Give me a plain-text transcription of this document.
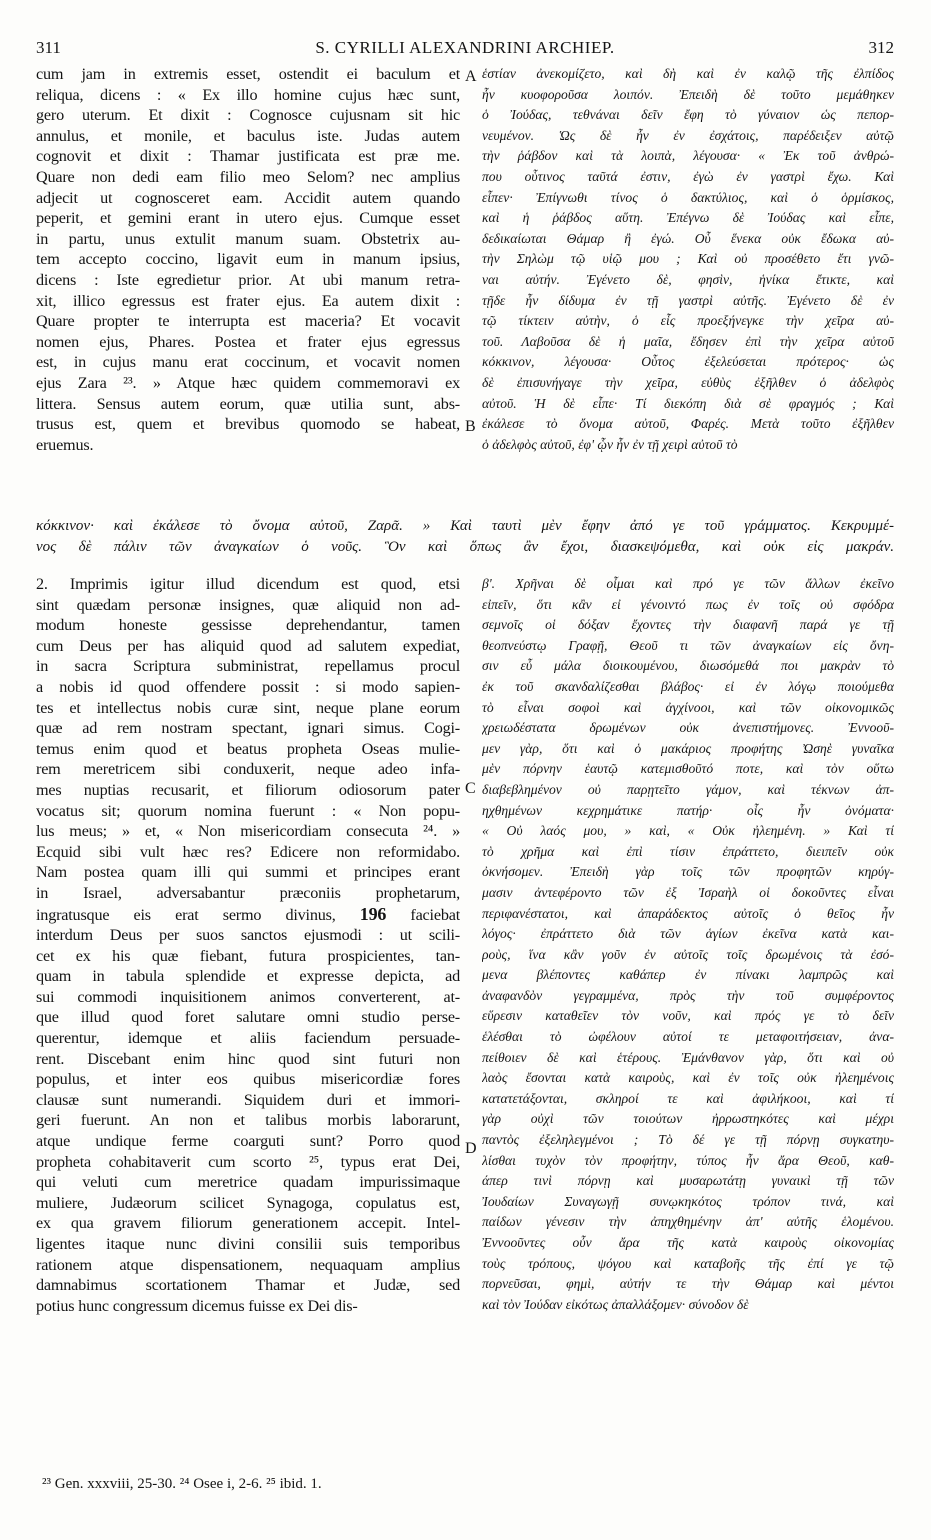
311	S. CYRILLI ALEXANDRINI ARCHIEP.	312

cum jam in extremis esset, ostendit ei baculum et

reliqua, dicens : « Ex illo homine cujus hæc sunt,

gero uterum. Et dixit : Cognosce cujusnam sit hic

annulus, et monile, et baculus iste. Judas autem

cognovit et dixit : Thamar justificata est præ me.

Quare non dedi eam filio meo Selom? nec amplius

adjecit ut cognosceret eam. Accidit autem quando

peperit, et gemini erant in utero ejus. Cumque esset

in partu, unus extulit manum suam. Obstetrix au-

tem accepto coccino, ligavit eum in manum ipsius,

dicens : Iste egredietur prior. At ubi manum retra-

xit, illico egressus est frater ejus. Ea autem dixit :

Quare propter te interrupta est maceria? Et vocavit

nomen ejus, Phares. Postea et frater ejus egressus

est, in cujus manu erat coccinum, et vocavit nomen

ejus Zara ²³. » Atque hæc quidem commemoravi ex

littera. Sensus autem eorum, quæ utilia sunt, abs-

trusus est, quem et brevibus quomodo se habeat,

eruemus.

ἑστίαν ἀνεκομίζετο, καὶ δὴ καὶ ἐν καλῷ τῆς ἐλπίδος

ἦν κυοφοροῦσα λοιπόν. Ἐπειδὴ δὲ τοῦτο μεμάθηκεν

ὁ Ἰούδας, τεθνάναι δεῖν ἔφη τὸ γύναιον ὡς πεπορ-

νευμένον. Ὡς δὲ ἦν ἐν ἐσχάτοις, παρέδειξεν αὐτῷ

τὴν ῥάβδον καὶ τὰ λοιπὰ, λέγουσα· « Ἐκ τοῦ ἀνθρώ-

που οὗτινος ταῦτά ἐστιν, ἐγὼ ἐν γαστρὶ ἔχω. Καὶ

εἶπεν· Ἐπίγνωθι τίνος ὁ δακτύλιος, καὶ ὁ ὁρμίσκος,

καὶ ἡ ῥάβδος αὕτη. Ἐπέγνω δὲ Ἰούδας καὶ εἶπε,

δεδικαίωται Θάμαρ ἢ ἐγώ. Οὗ ἕνεκα οὐκ ἔδωκα αὐ-

τὴν Σηλὼμ τῷ υἱῷ μου ; Καὶ οὐ προσέθετο ἔτι γνῶ-

ναι αὐτήν. Ἐγένετο δὲ, φησὶν, ἡνίκα ἔτικτε, καὶ

τῇδε ἦν δίδυμα ἐν τῇ γαστρὶ αὐτῆς. Ἐγένετο δὲ ἐν

τῷ τίκτειν αὐτὴν, ὁ εἷς προεξήνεγκε τὴν χεῖρα αὐ-

τοῦ. Λαβοῦσα δὲ ἡ μαῖα, ἔδησεν ἐπὶ τὴν χεῖρα αὐτοῦ

κόκκινον, λέγουσα· Οὗτος ἐξελεύσεται πρότερος· ὡς

δὲ ἐπισυνήγαγε τὴν χεῖρα, εὐθὺς ἐξῆλθεν ὁ ἀδελφὸς

αὐτοῦ. Ἡ δὲ εἶπε· Τί διεκόπη διὰ σὲ φραγμός ; Καὶ

ἐκάλεσε τὸ ὄνομα αὐτοῦ, Φαρές. Μετὰ τοῦτο ἐξῆλθεν

ὁ ἀδελφὸς αὐτοῦ, ἐφ' ᾧν ἦν ἐν τῇ χειρὶ αὐτοῦ τὸ

κόκκινον· καὶ ἐκάλεσε τὸ ὄνομα αὐτοῦ, Ζαρᾶ. » Καὶ ταυτὶ μὲν ἔφην ἀπό γε τοῦ γράμματος. Κεκρυμμέ-

νος δὲ πάλιν τῶν ἀναγκαίων ὁ νοῦς. Ὃν καὶ ὅπως ἂν ἔχοι, διασκεψόμεθα, καὶ οὐκ εἰς μακράν.

2. Imprimis igitur illud dicendum est quod, etsi

sint quædam personæ insignes, quæ aliquid non ad-

modum honeste gessisse deprehendantur, tamen

cum Deus per has aliquid quod ad salutem expediat,

in sacra Scriptura subministrat, repellamus procul

a nobis id quod offendere possit : si modo sapien-

tes et intellectus nobis curæ sint, neque plane eorum

quæ ad rem nostram spectant, ignari simus. Cogi-

temus enim quod et beatus propheta Oseas mulie-

rem meretricem sibi conduxerit, neque adeo infa-

mes nuptias recusarit, et filiorum odiosorum pater

vocatus sit; quorum nomina fuerunt : « Non popu-

lus meus; » et, « Non misericordiam consecuta ²⁴. »

Ecquid sibi vult hæc res? Edicere non reformidabo.

Nam postea quam illi qui summi et principes erant

in Israel, adversabantur præconiis prophetarum,

ingratusque eis erat sermo divinus, 196 faciebat

interdum Deus per suos sanctos ejusmodi : ut scili-

cet ex his quæ fiebant, futura prospicientes, tan-

quam in tabula splendide et expresse depicta, ad

sui commodi inquisitionem animos converterent, at-

que illud quod foret salutare omni studio perse-

querentur, idemque et aliis faciendum persuade-

rent. Discebant enim hinc quod sint futuri non

populus, et inter eos quibus misericordiæ fores

clausæ sunt numerandi. Siquidem duri et immori-

geri fuerunt. An non et talibus morbis laborarunt,

atque undique ferme coarguti sunt? Porro quod

propheta cohabitaverit cum scorto ²⁵, typus erat Dei,

qui veluti cum meretrice quadam impurissimaque

muliere, Judæorum scilicet Synagoga, copulatus est,

ex qua gravem filiorum generationem accepit. Intel-

ligentes itaque nunc divini consilii suis temporibus

rationem atque dispensationem, nequaquam amplius

damnabimus scortationem Thamar et Judæ, sed

potius hunc congressum dicemus fuisse ex Dei dis-

β'. Χρῆναι δὲ οἶμαι καὶ πρό γε τῶν ἄλλων ἐκεῖνο

εἰπεῖν, ὅτι κἂν εἰ γένοιντό πως ἐν τοῖς οὐ σφόδρα

σεμνοῖς οἱ δόξαν ἔχοντες τὴν διαφανῆ παρά γε τῇ

θεοπνεύστῳ Γραφῇ, Θεοῦ τι τῶν ἀναγκαίων εἰς ὄνη-

σιν εὖ μάλα διοικουμένου, διωσόμεθά ποι μακρὰν τὸ

ἐκ τοῦ σκανδαλίζεσθαι βλάβος· εἰ ἐν λόγῳ ποιούμεθα

τὸ εἶναι σοφοὶ καὶ ἀγχίνοοι, καὶ τῶν οἰκονομικῶς

χρειωδέστατα δρωμένων οὐκ ἀνεπιστήμονες. Ἐννοοῦ-

μεν γὰρ, ὅτι καὶ ὁ μακάριος προφήτης Ὠσηὲ γυναῖκα

μὲν πόρνην ἑαυτῷ κατεμισθοῦτό ποτε, καὶ τὸν οὕτω

διαβεβλημένον οὐ παρῃτεῖτο γάμον, καὶ τέκνων ἀπ-

ηχθημένων κεχρημάτικε πατήρ· οἷς ἦν ὀνόματα·

« Οὐ λαός μου, » καὶ, « Οὐκ ἠλεημένη. » Καὶ τί

τὸ χρῆμα καὶ ἐπὶ τίσιν ἐπράττετο, διειπεῖν οὐκ

ὀκνήσομεν. Ἐπειδὴ γὰρ τοῖς τῶν προφητῶν κηρύγ-

μασιν ἀντεφέροντο τῶν ἐξ Ἰσραὴλ οἱ δοκοῦντες εἶναι

περιφανέστατοι, καὶ ἀπαράδεκτος αὐτοῖς ὁ θεῖος ἦν

λόγος· ἐπράττετο διὰ τῶν ἁγίων ἐκεῖνα κατὰ και-

ροὺς, ἵνα κἂν γοῦν ἐν αὐτοῖς τοῖς δρωμένοις τὰ ἐσό-

μενα βλέποντες καθάπερ ἐν πίνακι λαμπρῶς καὶ

ἀναφανδὸν γεγραμμένα, πρὸς τὴν τοῦ συμφέροντος

εὕρεσιν καταθεῖεν τὸν νοῦν, καὶ πρός γε τὸ δεῖν

ἑλέσθαι τὸ ὠφέλουν αὐτοί τε μεταφοιτήσειαν, ἀνα-

πείθοιεν δὲ καὶ ἑτέρους. Ἐμάνθανον γὰρ, ὅτι καὶ οὐ

λαὸς ἔσονται κατὰ καιροὺς, καὶ ἐν τοῖς οὐκ ἠλεημένοις

κατατετάξονται, σκληροί τε καὶ ἀφιλήκοοι, καὶ τί

γὰρ οὐχὶ τῶν τοιούτων ἠρρωστηκότες καὶ μέχρι

παντὸς ἐξεληλεγμένοι ; Τὸ δέ γε τῇ πόρνῃ συγκατηυ-

λίσθαι τυχὸν τὸν προφήτην, τύπος ἦν ἄρα Θεοῦ, καθ-

άπερ τινὶ πόρνῃ καὶ μυσαρωτάτῃ γυναικὶ τῇ τῶν

Ἰουδαίων Συναγωγῇ συνῳκηκότος τρόπον τινά, καὶ

παίδων γένεσιν τὴν ἀπηχθημένην ἀπ' αὐτῆς ἑλομένου.

Ἐννοοῦντες οὖν ἄρα τῆς κατὰ καιροὺς οἰκονομίας

τοὺς τρόπους, ψόγου καὶ καταβοῆς τῆς ἐπί γε τῷ

πορνεῦσαι, φημὶ, αὐτήν τε τὴν Θάμαρ καὶ μέντοι

καὶ τὸν Ἰούδαν εἰκότως ἀπαλλάξομεν· σύνοδον δὲ

A
B
C
D
²³ Gen. xxxviii, 25-30. ²⁴ Osee i, 2-6. ²⁵ ibid. 1.
